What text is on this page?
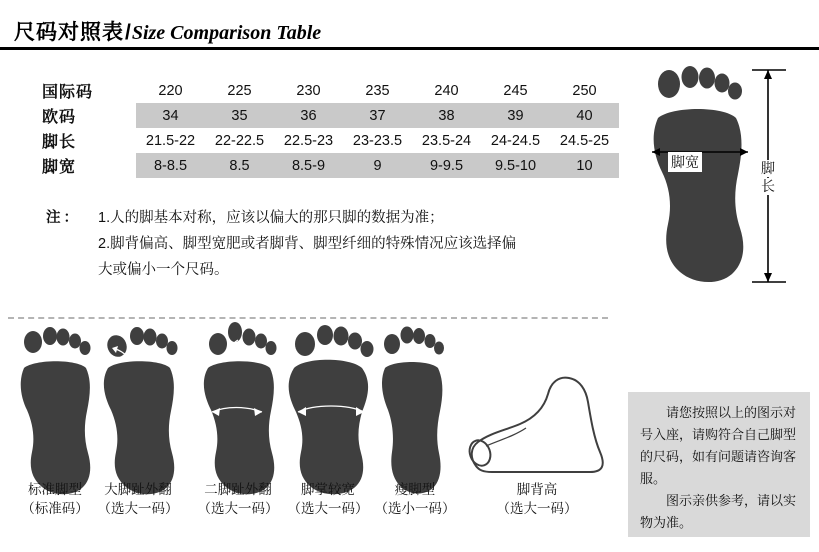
尺码对照表 / Size Comparison Table
国际码	220	225	230	235	240	245	250
欧码	34	35	36	37	38	39	40
脚长	21.5-22	22-22.5	22.5-23	23-23.5	23.5-24	24-24.5	24.5-25
脚宽	8-8.5	8.5	8.5-9	9	9-9.5	9.5-10	10
注：	1.人的脚基本对称，应该以偏大的那只脚的数据为准；
2.脚背偏高、脚型宽肥或者脚背、脚型纤细的特殊情况应该选择偏
大或偏小一个尺码。
脚宽	脚
长
标准脚型
（标准码）
大脚趾外翻
（选大一码）
二脚趾外翻
（选大一码）
脚掌较宽
（选大一码）
瘦脚型
（选小一码）
脚背高
（选大一码）

请您按照以上的图示对号入座，请购符合自己脚型的尺码，如有问题请咨询客服。

图示亲供参考，请以实物为准。
